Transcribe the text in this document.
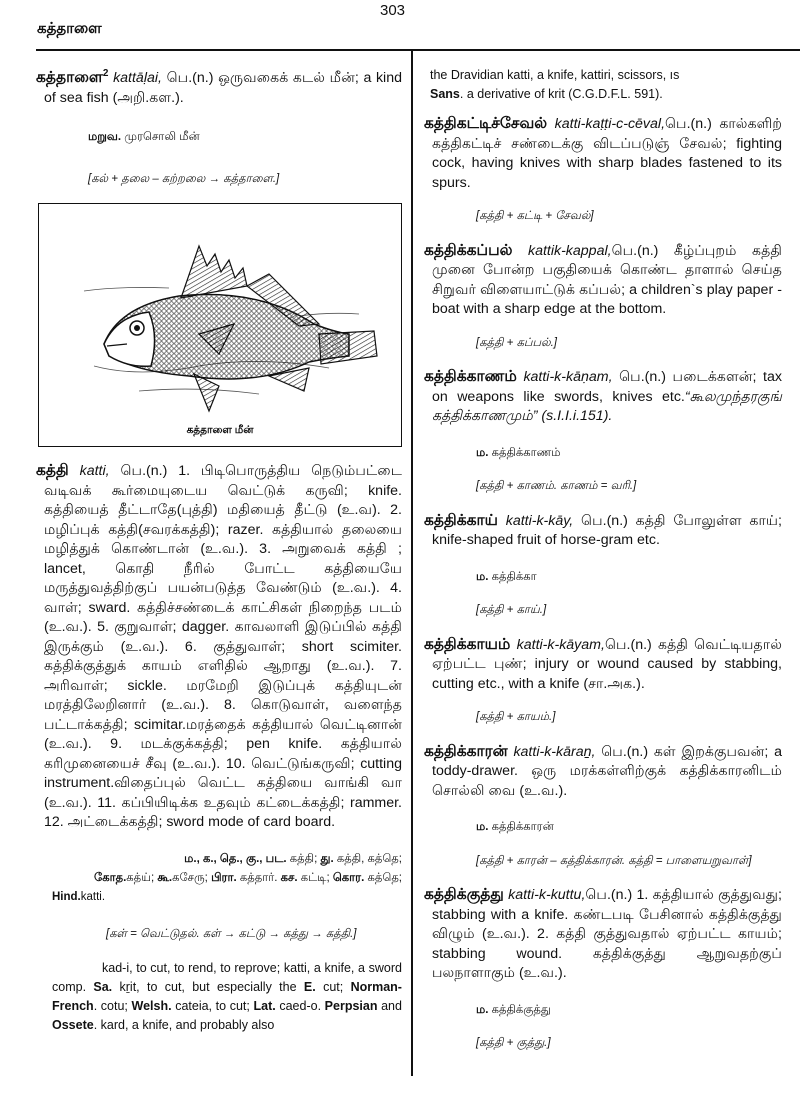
303
கத்தாளை

கத்தாளை$^2$ kattāḷai, பெ.(n.) ஒருவகைக் கடல் மீன்; a kind of sea fish (அறி.கள.).

மறுவ. முரசொலி மீன்
[கல் + தலை – கற்றலை → கத்தாளை.]
கத்தாளை மீன்

கத்தி katti, பெ.(n.) 1. பிடிபொருத்திய நெடும்பட்டை வடிவக் கூர்மையுடைய வெட்டுக் கருவி; knife. கத்தியைத் தீட்டாதே(புத்தி) மதியைத் தீட்டு (உ.வ). 2. மழிப்புக் கத்தி(சவரக்கத்தி); razer. கத்தியால் தலையை மழித்துக் கொண்டான் (உ.வ.). 3. அறுவைக் கத்தி ; lancet, கொதி நீரில் போட்ட கத்தியையே மருத்துவத்திற்குப் பயன்படுத்த வேண்டும் (உ.வ.). 4. வாள்; sward. கத்திச்சண்டைக் காட்சிகள் நிறைந்த படம் (உ.வ.). 5. குறுவாள்; dagger. காவலாளி இடுப்பில் கத்தி இருக்கும் (உ.வ.). 6. குத்துவாள்; short scimiter. கத்திக்குத்துக் காயம் எளிதில் ஆறாது (உ.வ.). 7. அரிவாள்; sickle. மரமேறி இடுப்புக் கத்தியுடன் மரத்திலேறினார் (உ.வ.). 8. கொடுவாள், வளைந்த பட்டாக்கத்தி; scimitar.மரத்தைக் கத்தியால் வெட்டினான் (உ.வ.). 9. மடக்குக்கத்தி; pen knife. கத்தியால் கரிமுனையைச் சீவு (உ.வ.). 10. வெட்டுங்கருவி; cutting instrument.விதைப்புல் வெட்ட கத்தியை வாங்கி வா (உ.வ.). 11. கப்பியிடிக்க உதவும் கட்டைக்கத்தி; rammer. 12. அட்டைக்கத்தி; sword mode of card board.

ம., க., தெ., கு., பட. கத்தி; து. கத்தி, கத்தெ;
கோத.கத்ய்; கூ.கசேரு; பிரா. கத்தார். கச. கட்டி; கொர. கத்தெ;
Hind.katti.
[கள் = வெட்டுதல். கள் → கட்டு → கத்து → கத்தி.]
kad-i, to cut, to rend, to reprove; katti, a knife, a sword comp. Sa. kṟit, to cut, but especially the E. cut; Norman-French. cotu; Welsh. cateia, to cut; Lat. caed-o. Perpsian and Ossete. kard, a knife, and probably also
the Dravidian katti, a knife, kattiri, scissors, ıs
Sans. a derivative of krit (C.G.D.F.L. 591).

கத்திகட்டிச்சேவல் katti-kaṭṭi-c-cēval,பெ.(n.) கால்களிற் கத்திகட்டிச் சண்டைக்கு விடப்படுஞ் சேவல்; fighting cock, having knives with sharp blades fastened to its spurs.

[கத்தி + கட்டி + சேவல்]

கத்திக்கப்பல் kattik-kappal,பெ.(n.) கீழ்ப்புறம் கத்தி முனை போன்ற பகுதியைக் கொண்ட தாளால் செய்த சிறுவர் விளையாட்டுக் கப்பல்; a children`s play paper - boat with a sharp edge at the bottom.

[கத்தி + கப்பல்.]

கத்திக்காணம் katti-k-kāṇam, பெ.(n.) படைக்களன்; tax on weapons like swords, knives etc.“கூலமுந்தரகுங் கத்திக்காணமும்” (s.I.I.i.151).

ம. கத்திக்காணம்
[கத்தி + காணம். காணம் = வரி.]

கத்திக்காய் katti-k-kāy, பெ.(n.) கத்தி போலுள்ள காய்; knife-shaped fruit of horse-gram etc.

ம. கத்திக்கா
[கத்தி + காய்.]

கத்திக்காயம் katti-k-kāyam,பெ.(n.) கத்தி வெட்டியதால் ஏற்பட்ட புண்; injury or wound caused by stabbing, cutting etc., with a knife (சா.அக.).

[கத்தி + காயம்.]

கத்திக்காரன் katti-k-kāraṉ, பெ.(n.) கள் இறக்குபவன்; a toddy-drawer. ஒரு மரக்கள்ளிற்குக் கத்திக்காரனிடம் சொல்லி வை (உ.வ.).

ம. கத்திக்காரன்
[கத்தி + காரன் – கத்திக்காரன். கத்தி = பாளையறுவாள்]

கத்திக்குத்து katti-k-kuttu,பெ.(n.) 1. கத்தியால் குத்துவது; stabbing with a knife. கண்டபடி பேசினால் கத்திக்குத்து விழும் (உ.வ.). 2. கத்தி குத்துவதால் ஏற்பட்ட காயம்; stabbing wound. கத்திக்குத்து ஆறுவதற்குப் பலநாளாகும் (உ.வ.).

ம. கத்திக்குத்து
[கத்தி + குத்து.]
